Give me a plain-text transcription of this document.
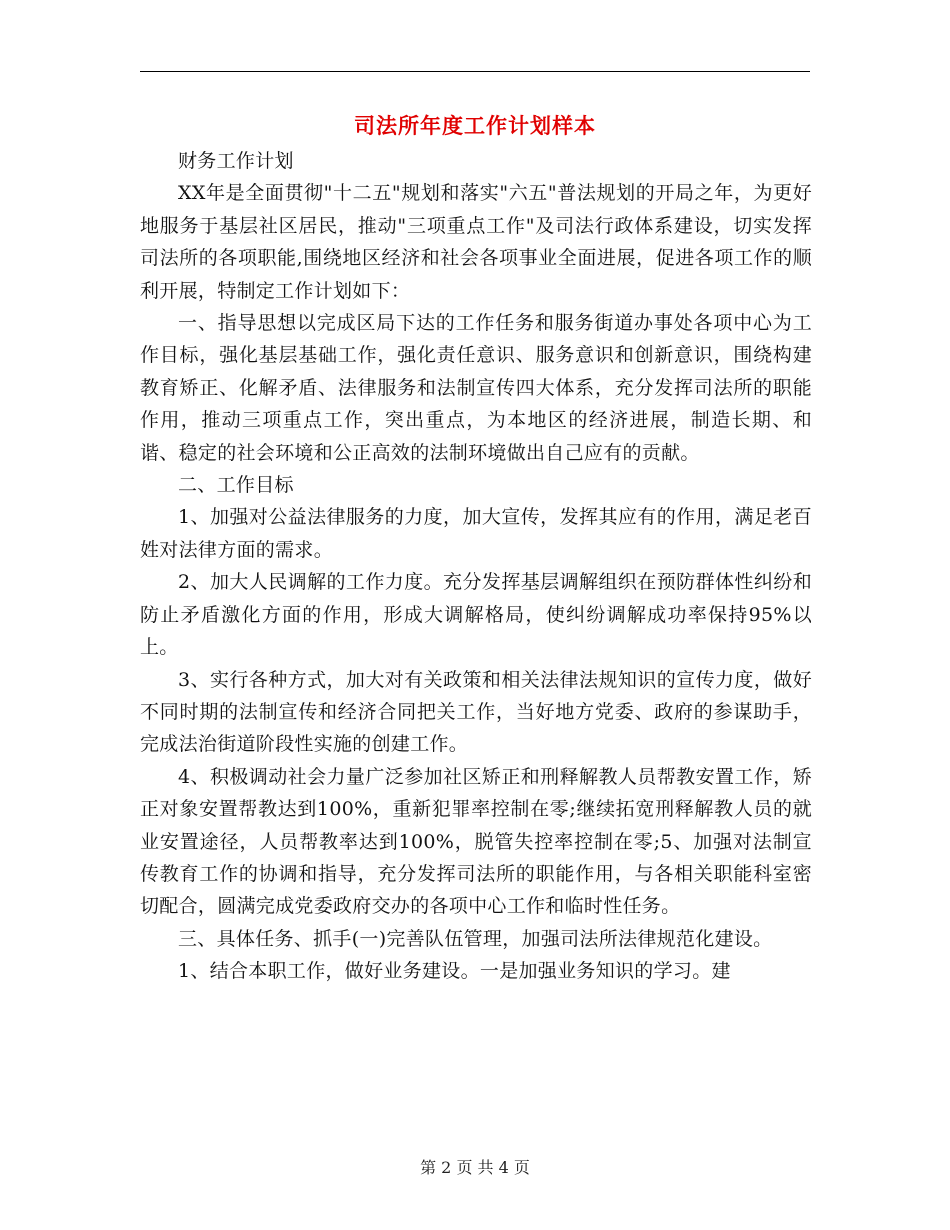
司法所年度工作计划样本

财务工作计划

XX年是全面贯彻"十二五"规划和落实"六五"普法规划的开局之年，为更好地服务于基层社区居民，推动"三项重点工作"及司法行政体系建设，切实发挥司法所的各项职能,围绕地区经济和社会各项事业全面进展，促进各项工作的顺利开展，特制定工作计划如下：

一、指导思想以完成区局下达的工作任务和服务街道办事处各项中心为工作目标，强化基层基础工作，强化责任意识、服务意识和创新意识，围绕构建教育矫正、化解矛盾、法律服务和法制宣传四大体系，充分发挥司法所的职能作用，推动三项重点工作，突出重点，为本地区的经济进展，制造长期、和谐、稳定的社会环境和公正高效的法制环境做出自己应有的贡献。

二、工作目标

1、加强对公益法律服务的力度，加大宣传，发挥其应有的作用，满足老百姓对法律方面的需求。

2、加大人民调解的工作力度。充分发挥基层调解组织在预防群体性纠纷和防止矛盾激化方面的作用，形成大调解格局，使纠纷调解成功率保持95%以上。

3、实行各种方式，加大对有关政策和相关法律法规知识的宣传力度，做好不同时期的法制宣传和经济合同把关工作，当好地方党委、政府的参谋助手，完成法治街道阶段性实施的创建工作。

4、积极调动社会力量广泛参加社区矫正和刑释解教人员帮教安置工作，矫正对象安置帮教达到100%，重新犯罪率控制在零;继续拓宽刑释解教人员的就业安置途径，人员帮教率达到100%，脱管失控率控制在零;5、加强对法制宣传教育工作的协调和指导，充分发挥司法所的职能作用，与各相关职能科室密切配合，圆满完成党委政府交办的各项中心工作和临时性任务。

三、具体任务、抓手(一)完善队伍管理，加强司法所法律规范化建设。

1、结合本职工作，做好业务建设。一是加强业务知识的学习。建

第 2 页 共 4 页
